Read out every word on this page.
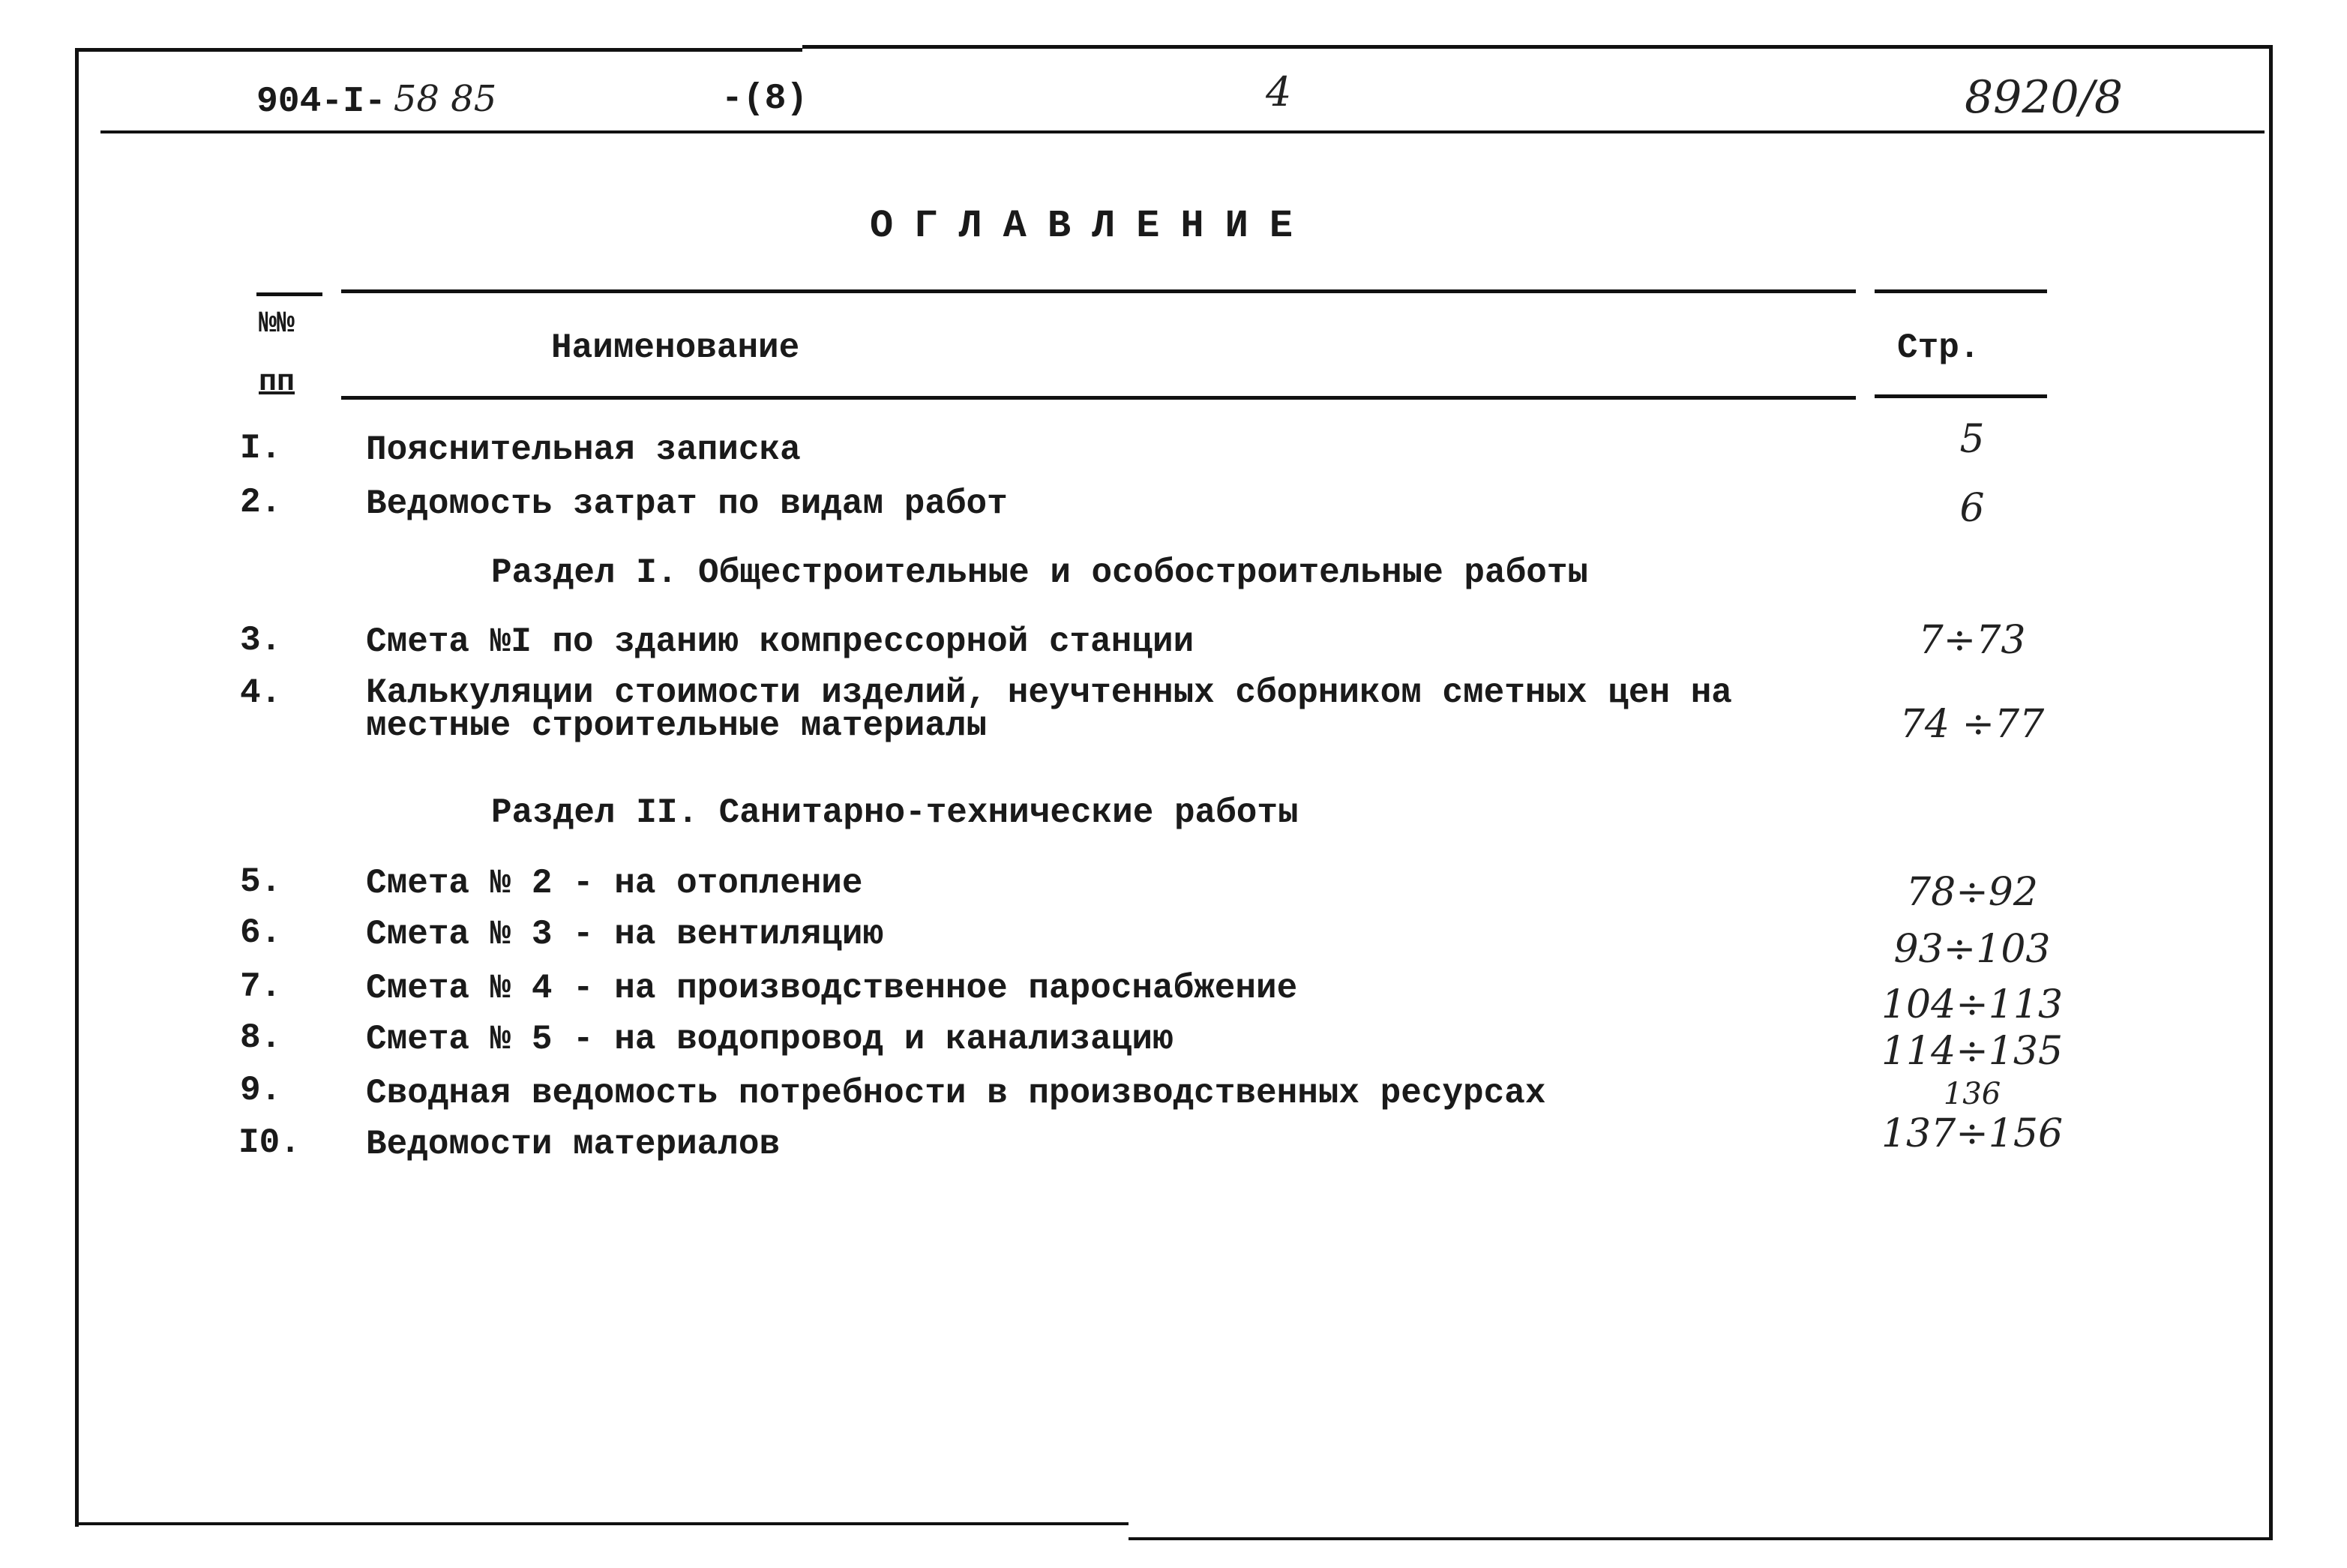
904-I- 58 85	-(8)	4	8920/8
ОГЛАВЛЕНИЕ
№№
пп
Наименование	Стр.
I.	Пояснительная записка	5
2.	Ведомость затрат по видам работ	6
Раздел I. Общестроительные и особостроительные работы
3.	Смета №I по зданию компрессорной станции	7÷73
4.	Калькуляции стоимости изделий, неучтенных сборником сметных цен на местные строительные материалы	74 ÷77
Раздел II. Санитарно-технические работы
5.	Смета № 2 - на отопление	78÷92
6.	Смета № 3 - на вентиляцию	93÷103
7.	Смета № 4 - на производственное пароснабжение	104÷113
8.	Смета № 5 - на водопровод и канализацию	114÷135
9.	Сводная ведомость потребности в производственных ресурсах	136
I0. Ведомости материалов	137÷156
